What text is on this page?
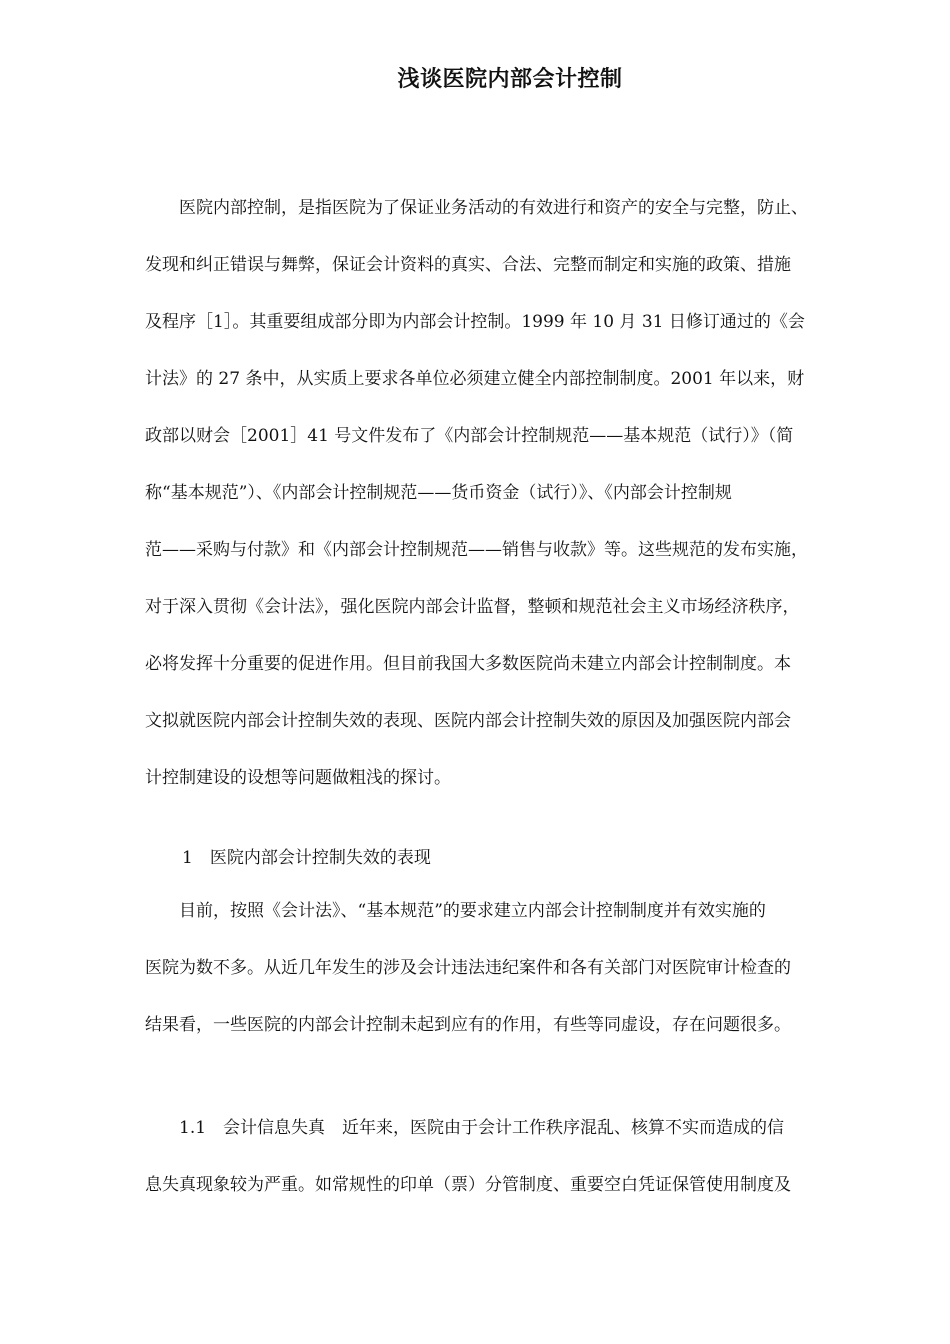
浅谈医院内部会计控制
　　医院内部控制，是指医院为了保证业务活动的有效进行和资产的安全与完整，防止、
发现和纠正错误与舞弊，保证会计资料的真实、合法、完整而制定和实施的政策、措施
及程序［1］。其重要组成部分即为内部会计控制。1999 年 10 月 31 日修订通过的《会
计法》的 27 条中，从实质上要求各单位必须建立健全内部控制制度。2001 年以来，财
政部以财会［2001］41 号文件发布了《内部会计控制规范——基本规范（试行）》（简
称“基本规范”）、《内部会计控制规范——货币资金（试行）》、《内部会计控制规
范——采购与付款》和《内部会计控制规范——销售与收款》等。这些规范的发布实施，
对于深入贯彻《会计法》，强化医院内部会计监督，整顿和规范社会主义市场经济秩序，
必将发挥十分重要的促进作用。但目前我国大多数医院尚未建立内部会计控制制度。本
文拟就医院内部会计控制失效的表现、医院内部会计控制失效的原因及加强医院内部会
计控制建设的设想等问题做粗浅的探讨。

1　医院内部会计控制失效的表现

　　目前，按照《会计法》、“基本规范”的要求建立内部会计控制制度并有效实施的
医院为数不多。从近几年发生的涉及会计违法违纪案件和各有关部门对医院审计检查的
结果看，一些医院的内部会计控制未起到应有的作用，有些等同虚设，存在问题很多。
　　1.1　会计信息失真　近年来，医院由于会计工作秩序混乱、核算不实而造成的信
息失真现象较为严重。如常规性的印单（票）分管制度、重要空白凭证保管使用制度及
